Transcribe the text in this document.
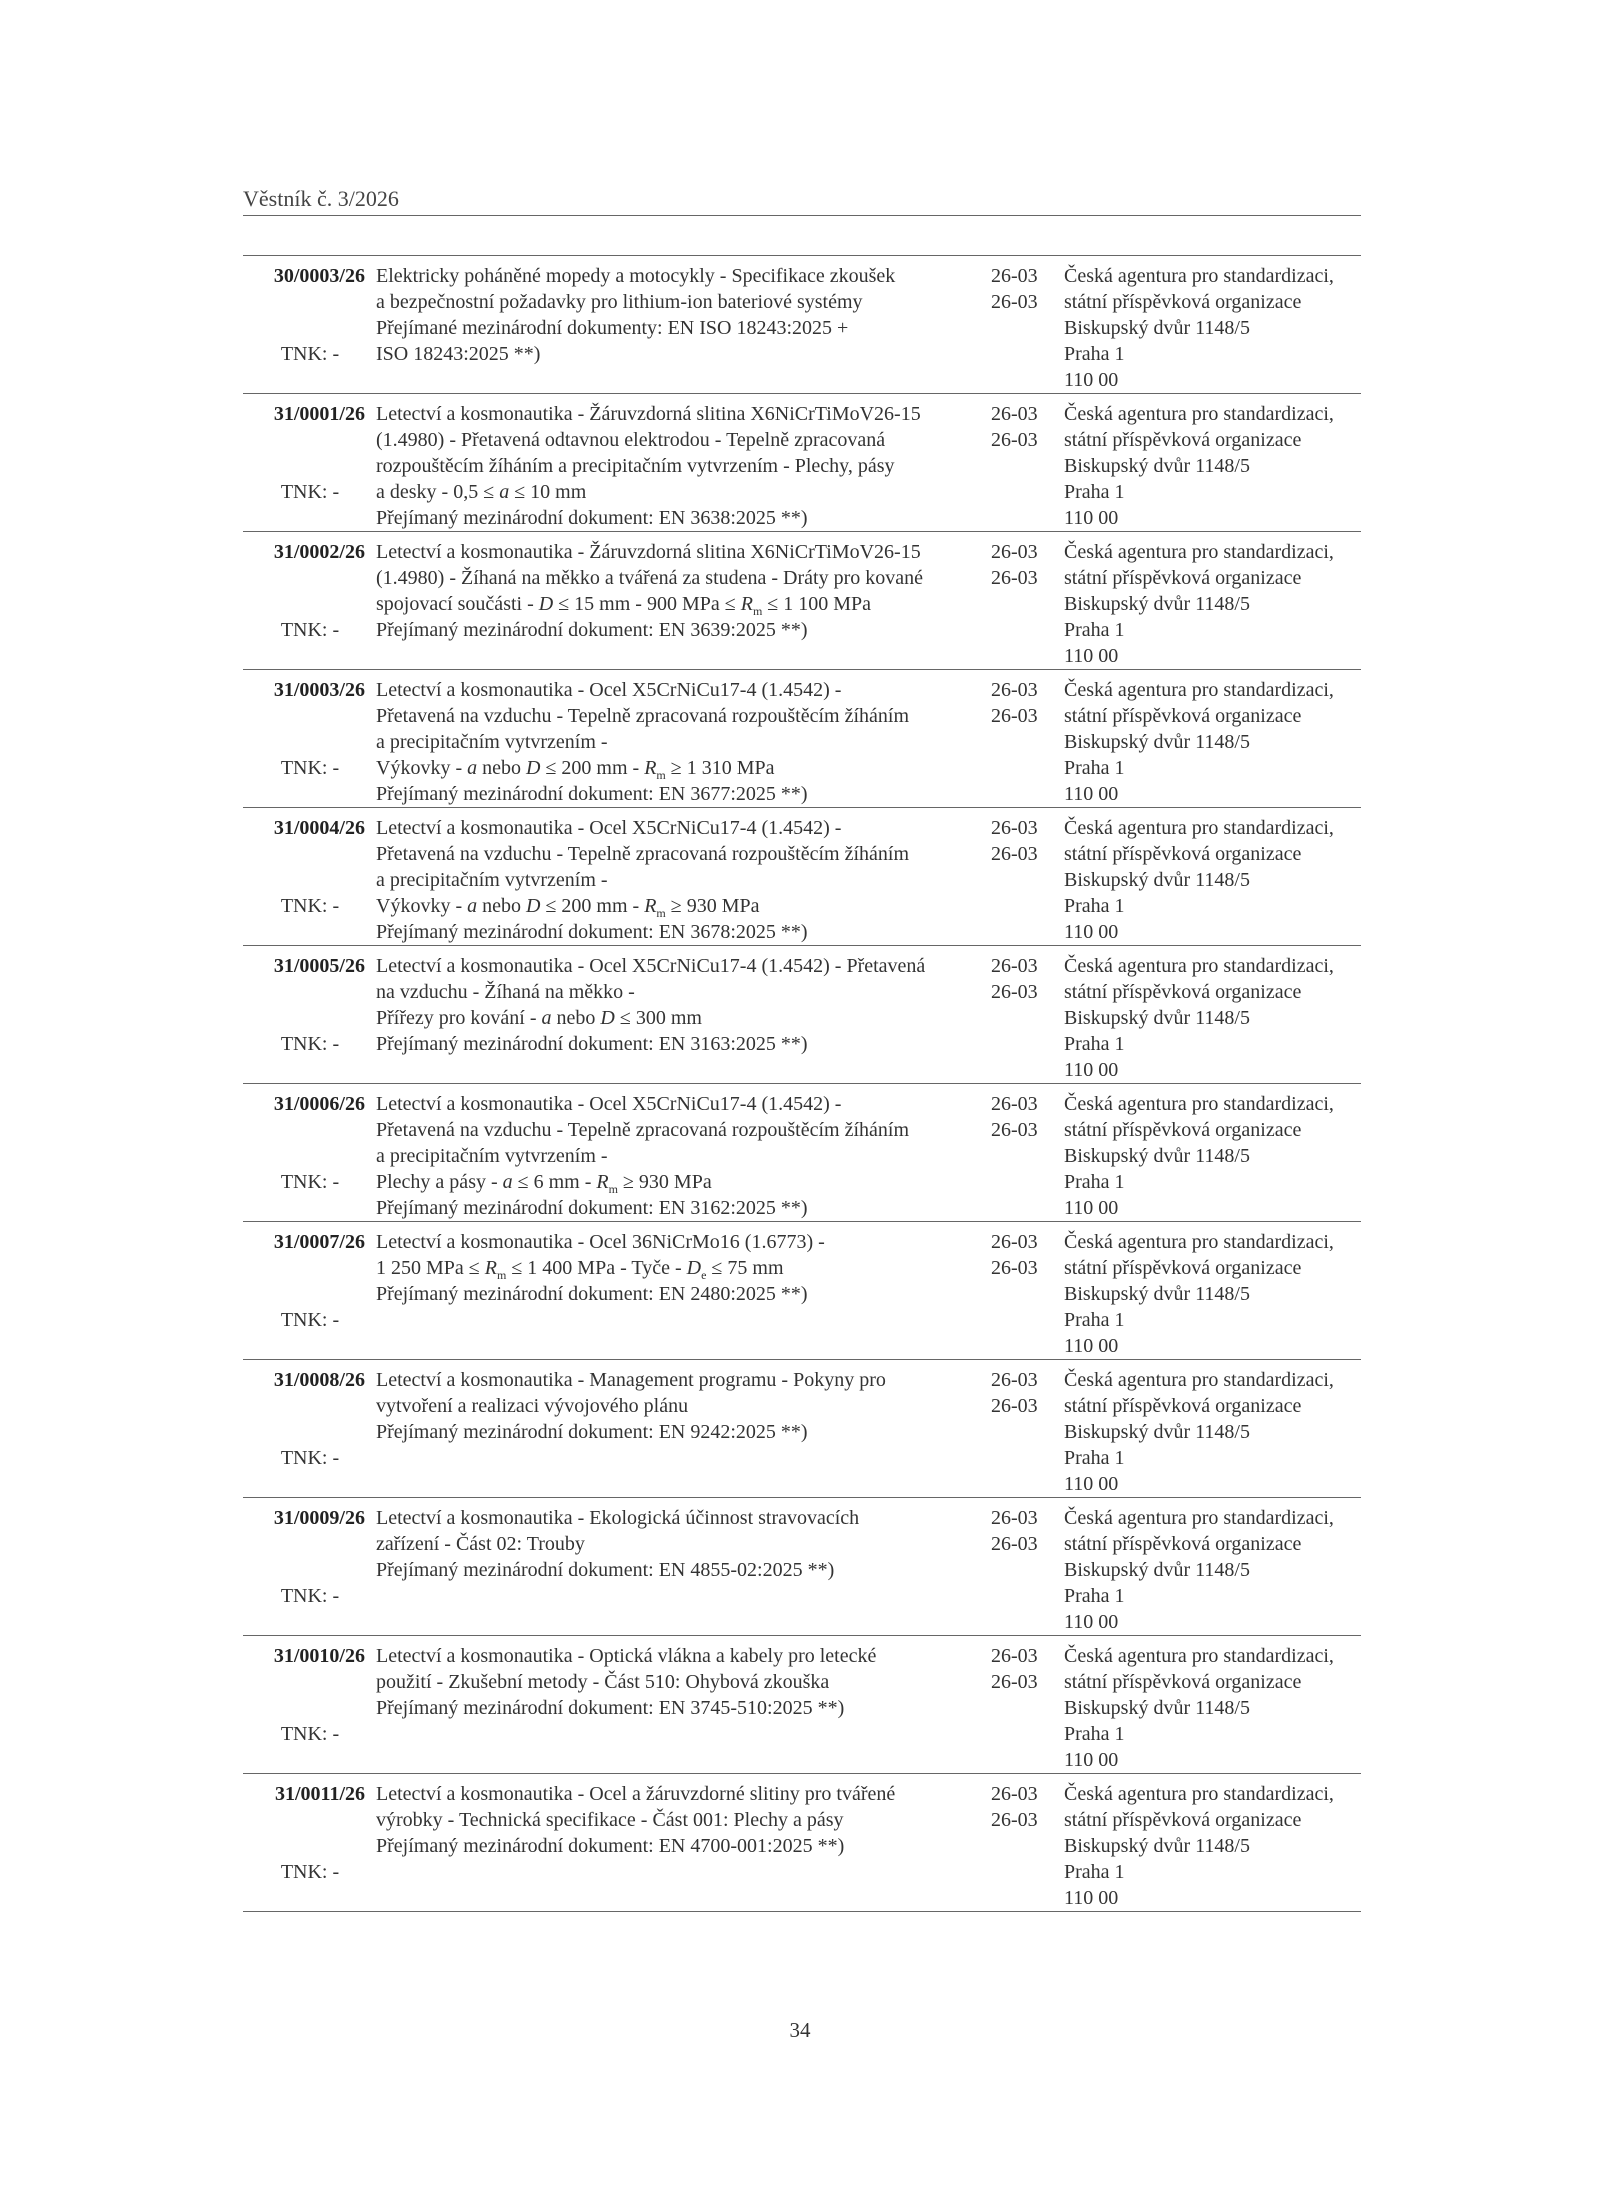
Věstník č. 3/2026
30/0003/26
TNK: -
Elektricky poháněné mopedy a motocykly - Specifikace zkoušek
a bezpečnostní požadavky pro lithium-ion bateriové systémy
Přejímané mezinárodní dokumenty: EN ISO 18243:2025 +
ISO 18243:2025 **)
26-03
26-03
Česká agentura pro standardizaci,
státní příspěvková organizace
Biskupský dvůr 1148/5
Praha 1
110 00
31/0001/26
TNK: -
Letectví a kosmonautika - Žáruvzdorná slitina X6NiCrTiMoV26-15
(1.4980) - Přetavená odtavnou elektrodou - Tepelně zpracovaná
rozpouštěcím žíháním a precipitačním vytvrzením - Plechy, pásy
a desky - 0,5 ≤ a ≤ 10 mm
Přejímaný mezinárodní dokument: EN 3638:2025 **)
26-03
26-03
Česká agentura pro standardizaci,
státní příspěvková organizace
Biskupský dvůr 1148/5
Praha 1
110 00
31/0002/26
TNK: -
Letectví a kosmonautika - Žáruvzdorná slitina X6NiCrTiMoV26-15
(1.4980) - Žíhaná na měkko a tvářená za studena - Dráty pro kované
spojovací součásti - D ≤ 15 mm - 900 MPa ≤ $R_m \le 1$ 100 MPa
Přejímaný mezinárodní dokument: EN 3639:2025 **)
26-03
26-03
Česká agentura pro standardizaci,
státní příspěvková organizace
Biskupský dvůr 1148/5
Praha 1
110 00
31/0003/26
TNK: -
Letectví a kosmonautika - Ocel X5CrNiCu17-4 (1.4542) -
Přetavená na vzduchu - Tepelně zpracovaná rozpouštěcím žíháním
a precipitačním vytvrzením -
Výkovky - a nebo D ≤ 200 mm - $R_m \ge 1$ 310 MPa
Přejímaný mezinárodní dokument: EN 3677:2025 **)
26-03
26-03
Česká agentura pro standardizaci,
státní příspěvková organizace
Biskupský dvůr 1148/5
Praha 1
110 00
31/0004/26
TNK: -
Letectví a kosmonautika - Ocel X5CrNiCu17-4 (1.4542) -
Přetavená na vzduchu - Tepelně zpracovaná rozpouštěcím žíháním
a precipitačním vytvrzením -
Výkovky - a nebo D ≤ 200 mm - $R_m \ge 930$ MPa
Přejímaný mezinárodní dokument: EN 3678:2025 **)
26-03
26-03
Česká agentura pro standardizaci,
státní příspěvková organizace
Biskupský dvůr 1148/5
Praha 1
110 00
31/0005/26
TNK: -
Letectví a kosmonautika - Ocel X5CrNiCu17-4 (1.4542) - Přetavená
na vzduchu - Žíhaná na měkko -
Přířezy pro kování - a nebo D ≤ 300 mm
Přejímaný mezinárodní dokument: EN 3163:2025 **)
26-03
26-03
Česká agentura pro standardizaci,
státní příspěvková organizace
Biskupský dvůr 1148/5
Praha 1
110 00
31/0006/26
TNK: -
Letectví a kosmonautika - Ocel X5CrNiCu17-4 (1.4542) -
Přetavená na vzduchu - Tepelně zpracovaná rozpouštěcím žíháním
a precipitačním vytvrzením -
Plechy a pásy - a ≤ 6 mm - $R_m \ge 930$ MPa
Přejímaný mezinárodní dokument: EN 3162:2025 **)
26-03
26-03
Česká agentura pro standardizaci,
státní příspěvková organizace
Biskupský dvůr 1148/5
Praha 1
110 00
31/0007/26
TNK: -
Letectví a kosmonautika - Ocel 36NiCrMo16 (1.6773) -
1 250 MPa ≤ $R_m \le 1$ 400 MPa - Tyče - $D_e \le 75$ mm
Přejímaný mezinárodní dokument: EN 2480:2025 **)
26-03
26-03
Česká agentura pro standardizaci,
státní příspěvková organizace
Biskupský dvůr 1148/5
Praha 1
110 00
31/0008/26
TNK: -
Letectví a kosmonautika - Management programu - Pokyny pro
vytvoření a realizaci vývojového plánu
Přejímaný mezinárodní dokument: EN 9242:2025 **)
26-03
26-03
Česká agentura pro standardizaci,
státní příspěvková organizace
Biskupský dvůr 1148/5
Praha 1
110 00
31/0009/26
TNK: -
Letectví a kosmonautika - Ekologická účinnost stravovacích
zařízení - Část 02: Trouby
Přejímaný mezinárodní dokument: EN 4855-02:2025 **)
26-03
26-03
Česká agentura pro standardizaci,
státní příspěvková organizace
Biskupský dvůr 1148/5
Praha 1
110 00
31/0010/26
TNK: -
Letectví a kosmonautika - Optická vlákna a kabely pro letecké
použití - Zkušební metody - Část 510: Ohybová zkouška
Přejímaný mezinárodní dokument: EN 3745-510:2025 **)
26-03
26-03
Česká agentura pro standardizaci,
státní příspěvková organizace
Biskupský dvůr 1148/5
Praha 1
110 00
31/0011/26
TNK: -
Letectví a kosmonautika - Ocel a žáruvzdorné slitiny pro tvářené
výrobky - Technická specifikace - Část 001: Plechy a pásy
Přejímaný mezinárodní dokument: EN 4700-001:2025 **)
26-03
26-03
Česká agentura pro standardizaci,
státní příspěvková organizace
Biskupský dvůr 1148/5
Praha 1
110 00
34
